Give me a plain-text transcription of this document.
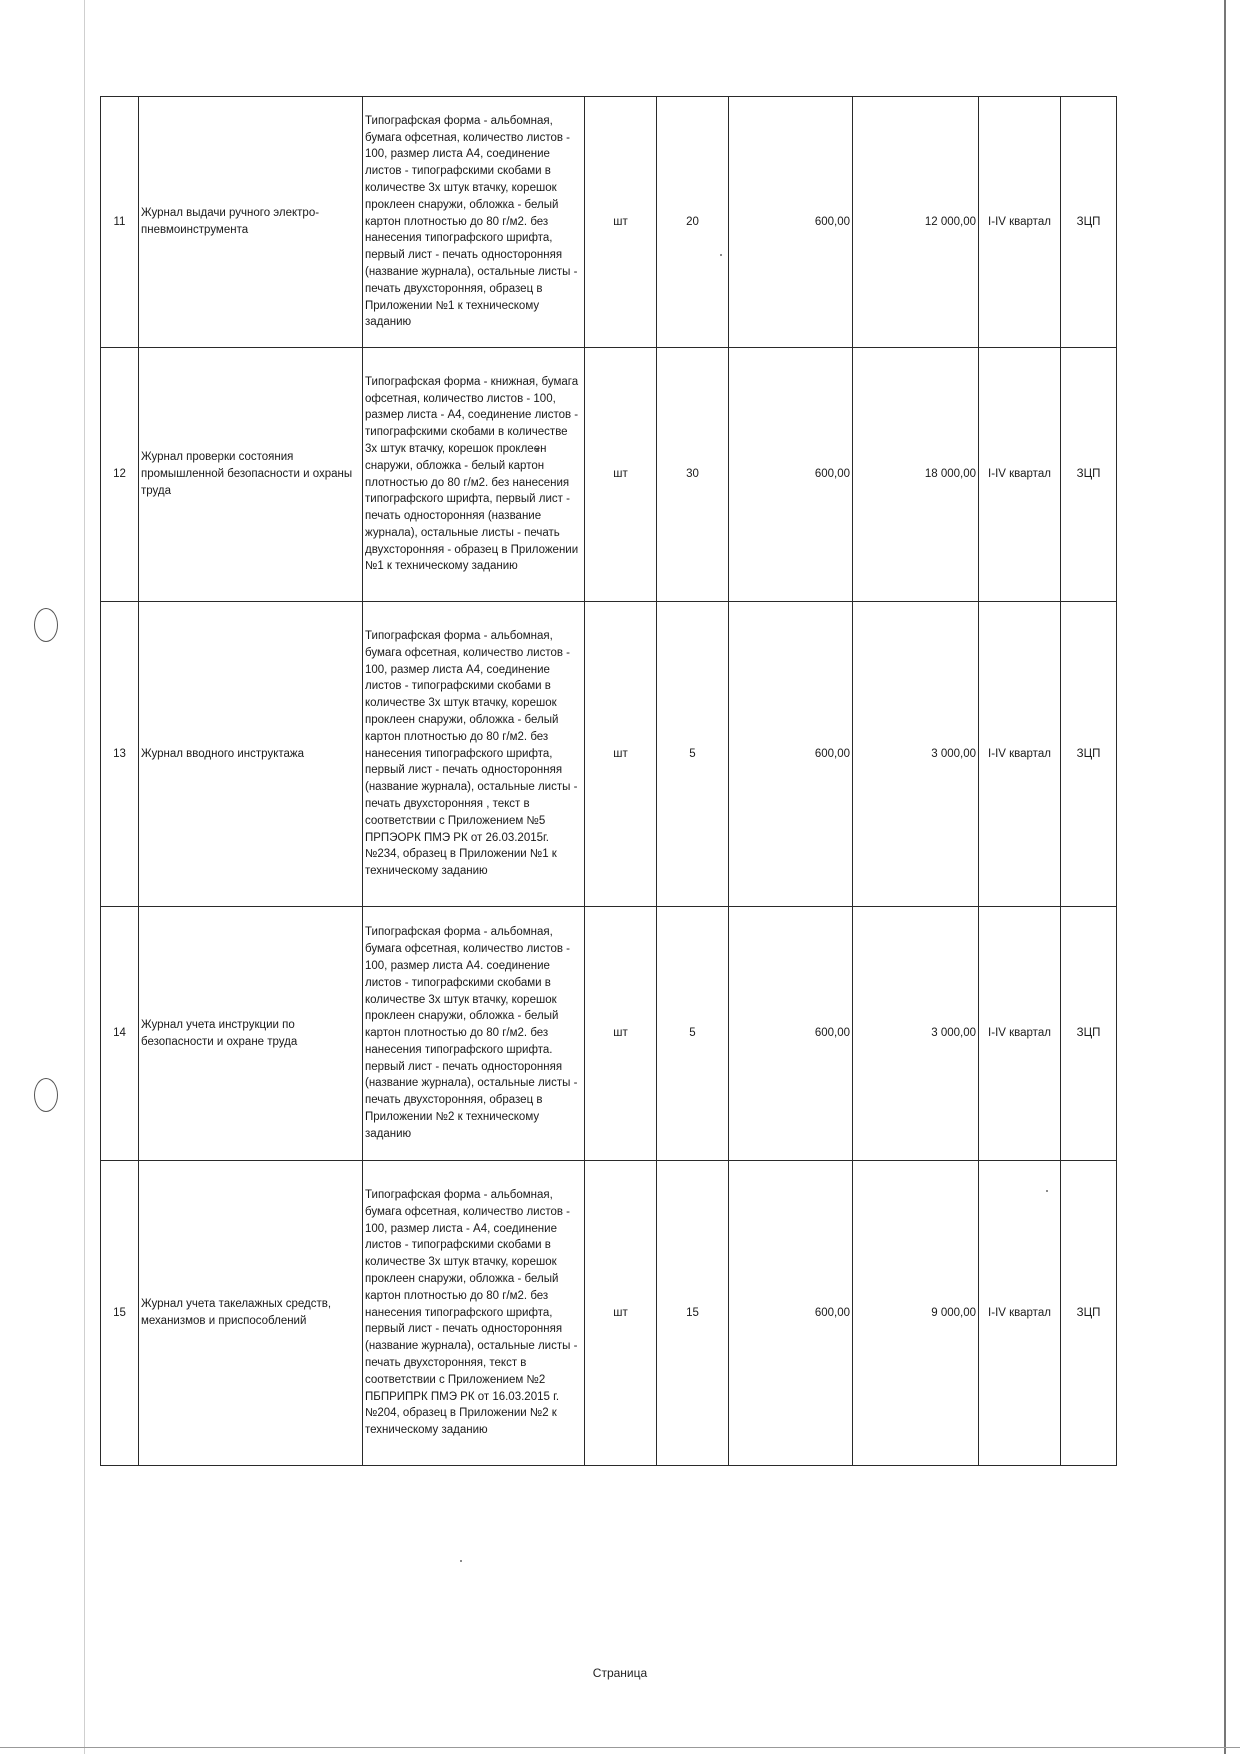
11	Журнал выдачи ручного электро-пневмоинструмента	Типографская форма - альбомная, бумага офсетная, количество листов - 100, размер листа А4, соединение листов - типографскими скобами в количестве 3х штук втачку, корешок проклеен снаружи, обложка - белый картон плотностью до 80 г/м2. без нанесения типографского шрифта, первый лист - печать односторонняя (название журнала), остальные листы - печать двухсторонняя, образец в Приложении №1 к техническому заданию	шт	20	600,00	12 000,00	I-IV квартал	ЗЦП
12	Журнал проверки состояния промышленной безопасности и охраны труда	Типографская форма - книжная, бумага офсетная, количество листов - 100, размер листа - А4, соединение листов - типографскими скобами в количестве 3х штук втачку, корешок проклеен снаружи, обложка - белый картон плотностью до 80 г/м2. без нанесения типографского шрифта, первый лист - печать односторонняя (название журнала), остальные листы - печать двухсторонняя - образец в Приложении №1 к техническому заданию	шт	30	600,00	18 000,00	I-IV квартал	ЗЦП
13	Журнал вводного инструктажа	Типографская форма - альбомная, бумага офсетная, количество листов - 100, размер листа А4, соединение листов - типографскими скобами в количестве 3х штук втачку, корешок проклеен снаружи, обложка - белый картон плотностью до 80 г/м2. без нанесения типографского шрифта, первый лист - печать односторонняя (название журнала), остальные листы - печать двухсторонняя , текст в соответствии с Приложением №5 ПРПЭОРК ПМЭ РК от 26.03.2015г. №234, образец в Приложении №1 к техническому заданию	шт	5	600,00	3 000,00	I-IV квартал	ЗЦП
14	Журнал учета инструкции по безопасности и охране труда	Типографская форма - альбомная, бумага офсетная, количество листов - 100, размер листа А4. соединение листов - типографскими скобами в количестве 3х штук втачку, корешок проклеен снаружи, обложка - белый картон плотностью до 80 г/м2. без нанесения типографского шрифта. первый лист - печать односторонняя (название журнала), остальные листы - печать двухсторонняя, образец в Приложении №2 к техническому заданию	шт	5	600,00	3 000,00	I-IV квартал	ЗЦП
15	Журнал учета такелажных средств, механизмов и приспособлений	Типографская форма - альбомная, бумага офсетная, количество листов - 100, размер листа - А4, соединение листов - типографскими скобами в количестве 3х штук втачку, корешок проклеен снаружи, обложка - белый картон плотностью до 80 г/м2. без нанесения типографского шрифта, первый лист - печать односторонняя (название журнала), остальные листы - печать двухсторонняя, текст в соответствии с Приложением №2 ПБПРИПРК ПМЭ РК от 16.03.2015 г. №204, образец в Приложении №2 к техническому заданию	шт	15	600,00	9 000,00	I-IV квартал	ЗЦП
Страница
